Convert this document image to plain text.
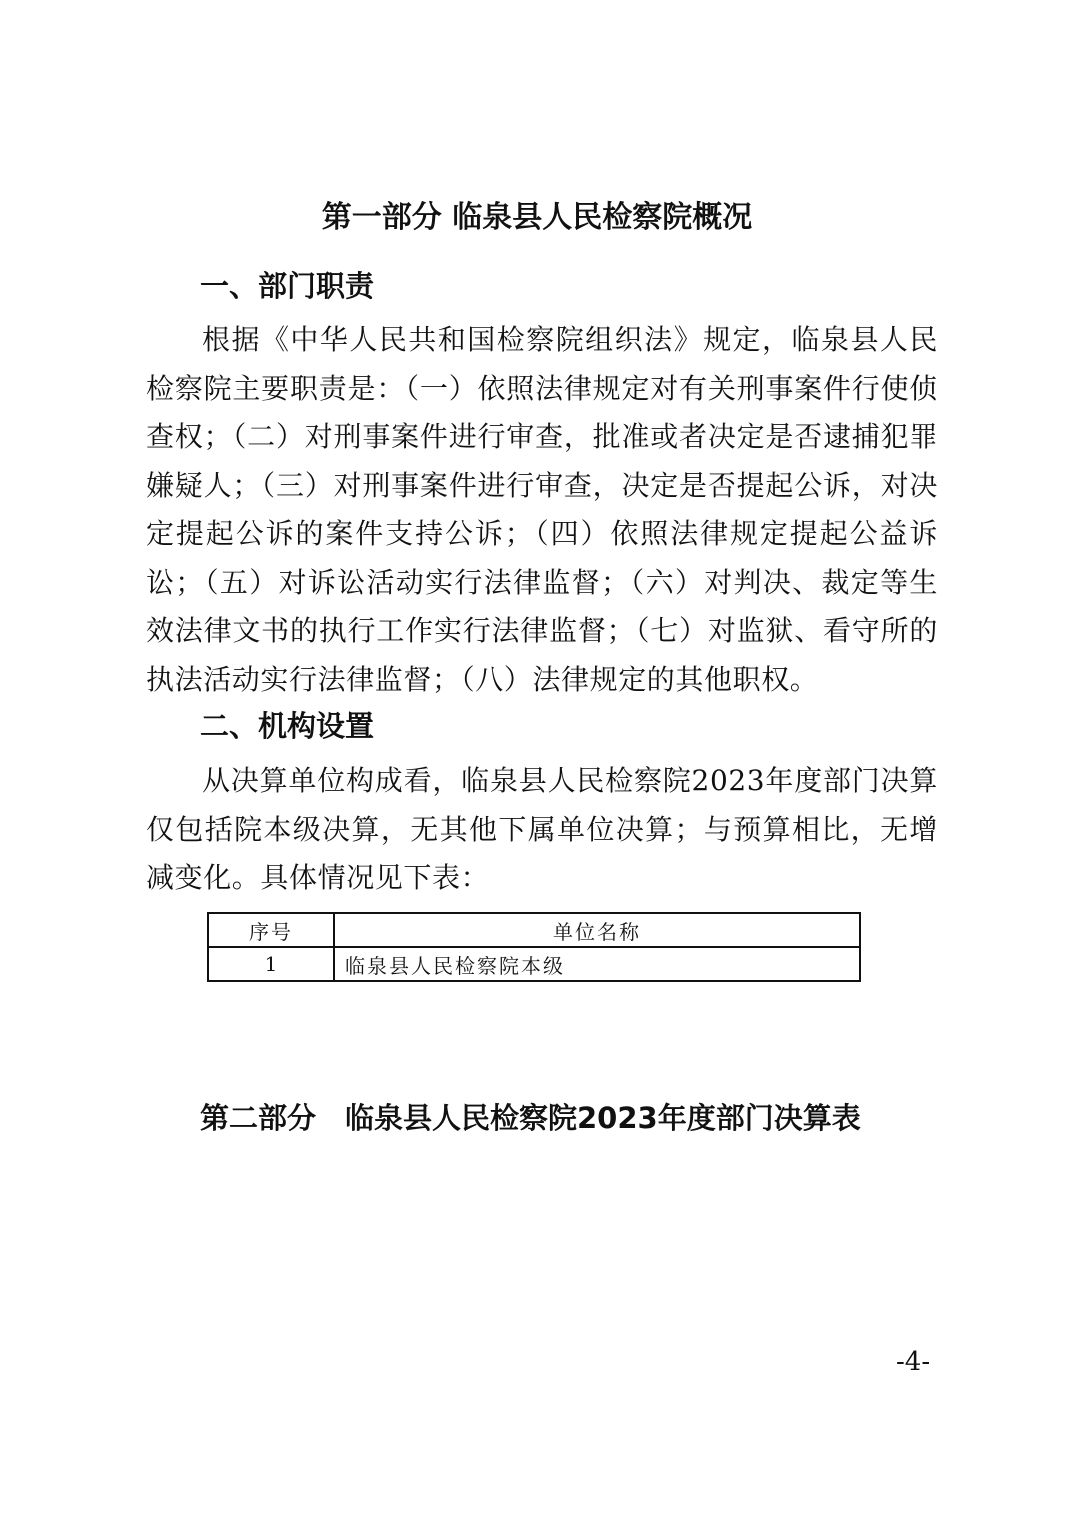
第一部分 临泉县人民检察院概况
一、部门职责

根据《中华人民共和国检察院组织法》规定，临泉县人民检察院主要职责是：（一）依照法律规定对有关刑事案件行使侦查权；（二）对刑事案件进行审查，批准或者决定是否逮捕犯罪嫌疑人；（三）对刑事案件进行审查，决定是否提起公诉，对决定提起公诉的案件支持公诉；（四）依照法律规定提起公益诉讼；（五）对诉讼活动实行法律监督；（六）对判决、裁定等生效法律文书的执行工作实行法律监督；（七）对监狱、看守所的执法活动实行法律监督；（八）法律规定的其他职权。

二、机构设置

从决算单位构成看，临泉县人民检察院2023年度部门决算仅包括院本级决算，无其他下属单位决算；与预算相比，无增减变化。具体情况见下表：

序号	单位名称
1	临泉县人民检察院本级
第二部分　临泉县人民检察院2023年度部门决算表
-4-
